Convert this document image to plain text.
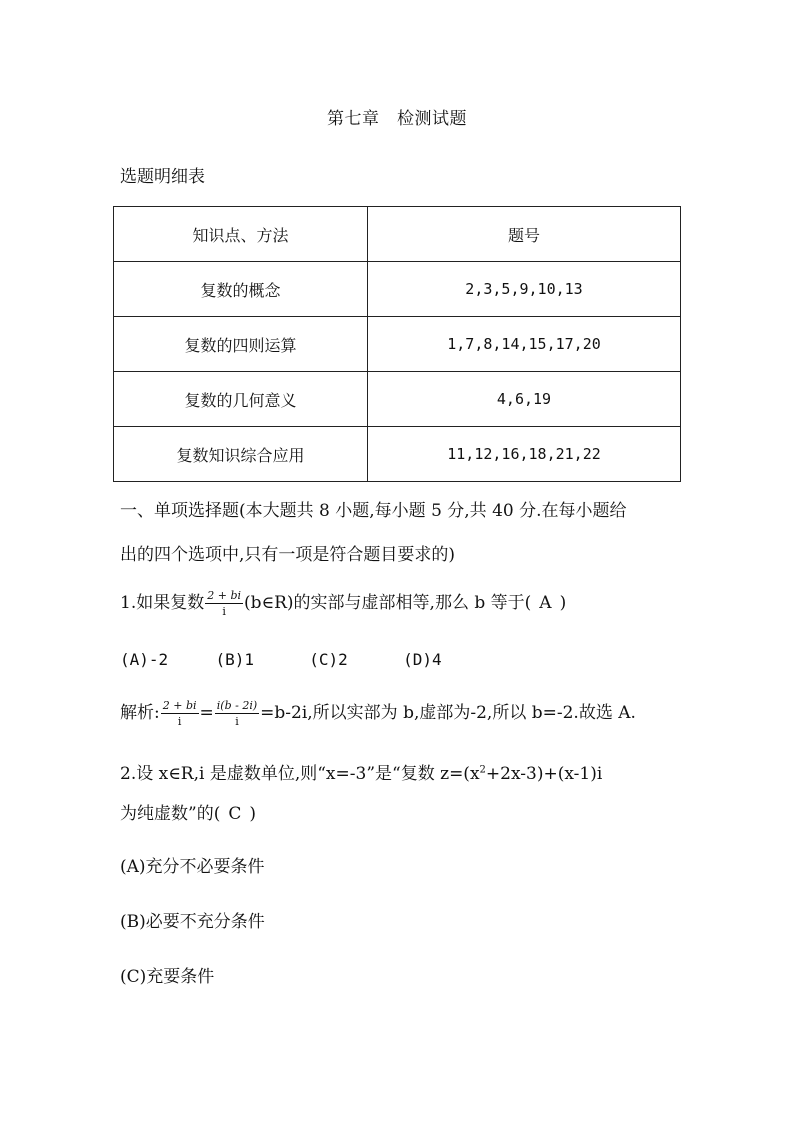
第七章　检测试题
选题明细表
知识点、方法	题号
复数的概念	2,3,5,9,10,13
复数的四则运算	1,7,8,14,15,17,20
复数的几何意义	4,6,19
复数知识综合应用	11,12,16,18,21,22
一、单项选择题(本大题共 8 小题,每小题 5 分,共 40 分.在每小题给
出的四个选项中,只有一项是符合题目要求的)
1.如果复数 $\frac{2 + bi}{i}$ (b∈R)的实部与虚部相等,那么 b 等于( A )
(A)-2	(B)1	(C)2	(D)4
解析: $\frac{2 + bi}{i} = \frac{i(b - 2i)}{i} =b-2i$,所以实部为 b,虚部为-2,所以 b=-2.故选 A.
2.设 x∈R,i 是虚数单位,则“x=-3”是“复数 $z=(x^2+2x-3)+(x-1)i$
为纯虚数”的( C )
(A)充分不必要条件
(B)必要不充分条件
(C)充要条件
